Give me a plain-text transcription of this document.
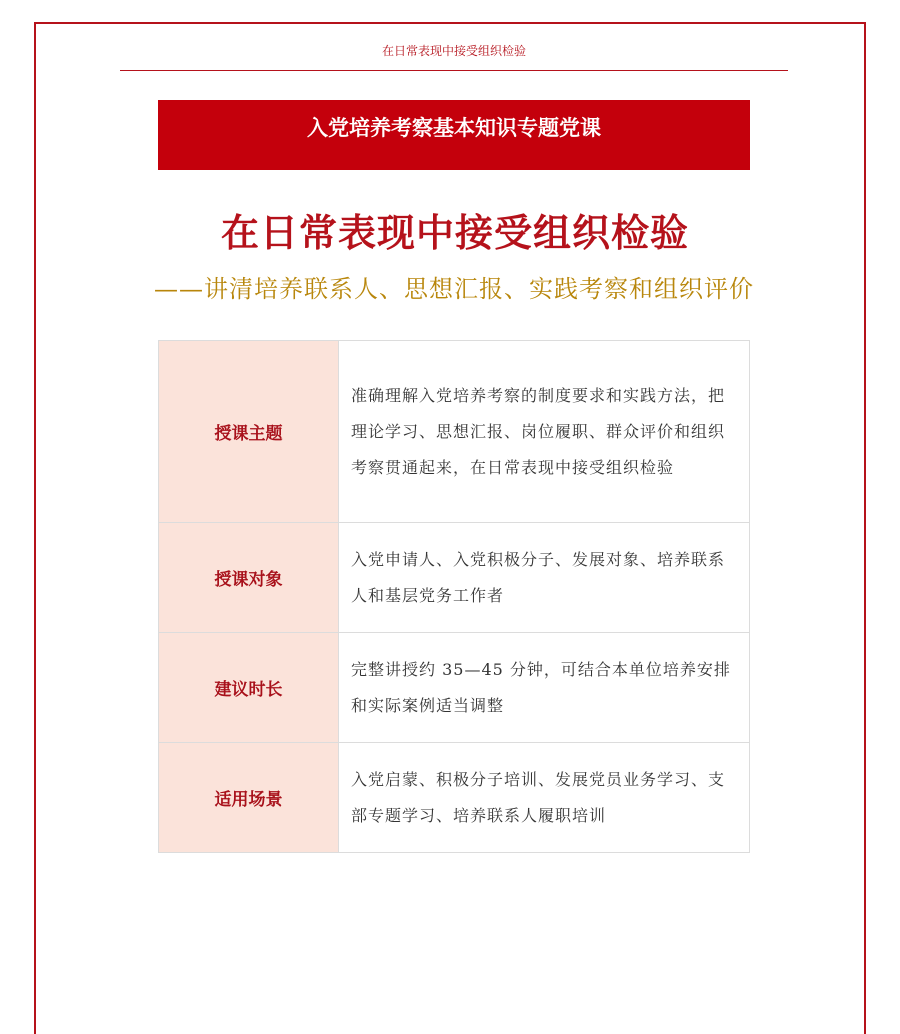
在日常表现中接受组织检验
入党培养考察基本知识专题党课
在日常表现中接受组织检验
——讲清培养联系人、思想汇报、实践考察和组织评价
授课主题	准确理解入党培养考察的制度要求和实践方法，把理论学习、思想汇报、岗位履职、群众评价和组织考察贯通起来，在日常表现中接受组织检验
授课对象	入党申请人、入党积极分子、发展对象、培养联系人和基层党务工作者
建议时长	完整讲授约 35—45 分钟，可结合本单位培养安排和实际案例适当调整
适用场景	入党启蒙、积极分子培训、发展党员业务学习、支部专题学习、培养联系人履职培训
